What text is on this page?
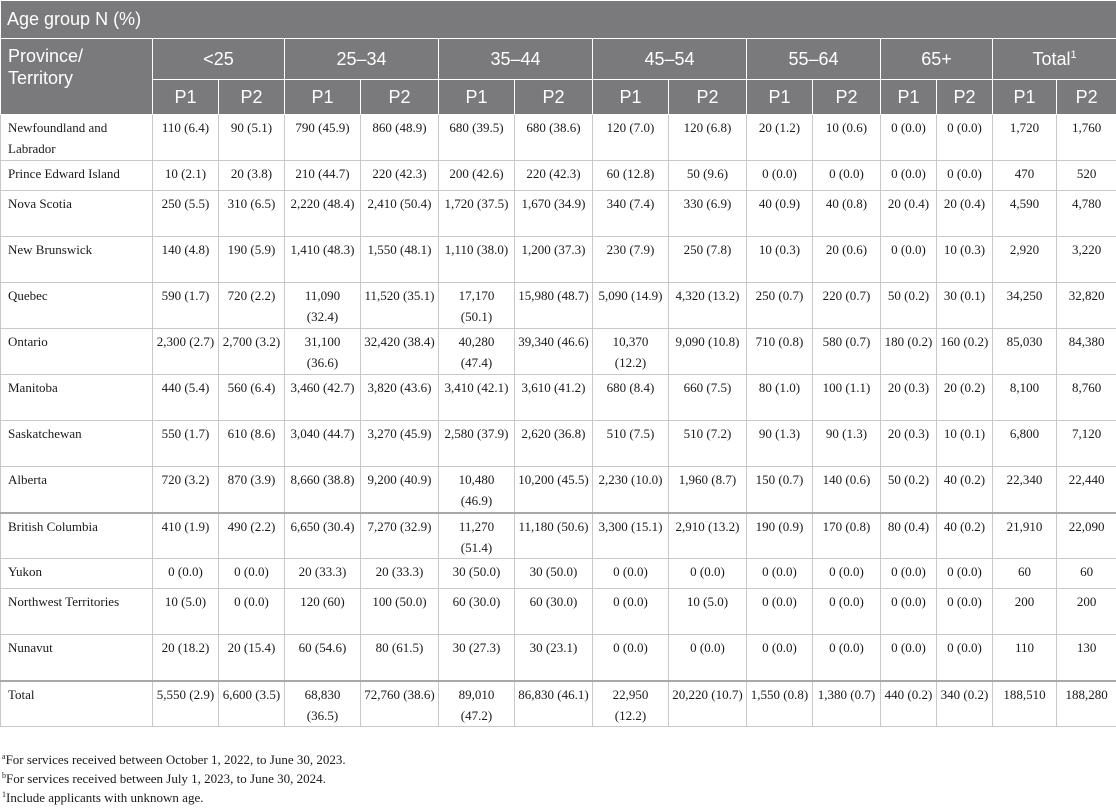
Age group N (%)														
Province/ Territory	<25		25–34		35–44		45–54		55–64		65+		Total$^1$
	P1	P2	P1	P2	P1	P2	P1	P2	P1	P2	P1	P2	P1	P2
Newfoundland and Labrador	110 (6.4)	90 (5.1)	790 (45.9)	860 (48.9)	680 (39.5)	680 (38.6)	120 (7.0)	120 (6.8)	20 (1.2)	10 (0.6)	0 (0.0)	0 (0.0)	1,720	1,760
Prince Edward Island	10 (2.1)	20 (3.8)	210 (44.7)	220 (42.3)	200 (42.6)	220 (42.3)	60 (12.8)	50 (9.6)	0 (0.0)	0 (0.0)	0 (0.0)	0 (0.0)	470	520
Nova Scotia	250 (5.5)	310 (6.5)	2,220 (48.4)	2,410 (50.4)	1,720 (37.5)	1,670 (34.9)	340 (7.4)	330 (6.9)	40 (0.9)	40 (0.8)	20 (0.4)	20 (0.4)	4,590	4,780
New Brunswick	140 (4.8)	190 (5.9)	1,410 (48.3)	1,550 (48.1)	1,110 (38.0)	1,200 (37.3)	230 (7.9)	250 (7.8)	10 (0.3)	20 (0.6)	0 (0.0)	10 (0.3)	2,920	3,220
Quebec	590 (1.7)	720 (2.2)	11,090 (32.4)	11,520 (35.1)	17,170 (50.1)	15,980 (48.7)	5,090 (14.9)	4,320 (13.2)	250 (0.7)	220 (0.7)	50 (0.2)	30 (0.1)	34,250	32,820
Ontario	2,300 (2.7)	2,700 (3.2)	31,100 (36.6)	32,420 (38.4)	40,280 (47.4)	39,340 (46.6)	10,370 (12.2)	9,090 (10.8)	710 (0.8)	580 (0.7)	180 (0.2)	160 (0.2)	85,030	84,380
Manitoba	440 (5.4)	560 (6.4)	3,460 (42.7)	3,820 (43.6)	3,410 (42.1)	3,610 (41.2)	680 (8.4)	660 (7.5)	80 (1.0)	100 (1.1)	20 (0.3)	20 (0.2)	8,100	8,760
Saskatchewan	550 (1.7)	610 (8.6)	3,040 (44.7)	3,270 (45.9)	2,580 (37.9)	2,620 (36.8)	510 (7.5)	510 (7.2)	90 (1.3)	90 (1.3)	20 (0.3)	10 (0.1)	6,800	7,120
Alberta	720 (3.2)	870 (3.9)	8,660 (38.8)	9,200 (40.9)	10,480 (46.9)	10,200 (45.5)	2,230 (10.0)	1,960 (8.7)	150 (0.7)	140 (0.6)	50 (0.2)	40 (0.2)	22,340	22,440
British Columbia	410 (1.9)	490 (2.2)	6,650 (30.4)	7,270 (32.9)	11,270 (51.4)	11,180 (50.6)	3,300 (15.1)	2,910 (13.2)	190 (0.9)	170 (0.8)	80 (0.4)	40 (0.2)	21,910	22,090
Yukon	0 (0.0)	0 (0.0)	20 (33.3)	20 (33.3)	30 (50.0)	30 (50.0)	0 (0.0)	0 (0.0)	0 (0.0)	0 (0.0)	0 (0.0)	0 (0.0)	60	60
Northwest Territories	10 (5.0)	0 (0.0)	120 (60)	100 (50.0)	60 (30.0)	60 (30.0)	0 (0.0)	10 (5.0)	0 (0.0)	0 (0.0)	0 (0.0)	0 (0.0)	200	200
Nunavut	20 (18.2)	20 (15.4)	60 (54.6)	80 (61.5)	30 (27.3)	30 (23.1)	0 (0.0)	0 (0.0)	0 (0.0)	0 (0.0)	0 (0.0)	0 (0.0)	110	130
Total	5,550 (2.9)	6,600 (3.5)	68,830 (36.5)	72,760 (38.6)	89,010 (47.2)	86,830 (46.1)	22,950 (12.2)	20,220 (10.7)	1,550 (0.8)	1,380 (0.7)	440 (0.2)	340 (0.2)	188,510	188,280
$^a$For services received between October 1, 2022, to June 30, 2023.
$^b$For services received between July 1, 2023, to June 30, 2024.
$^1$Include applicants with unknown age.
